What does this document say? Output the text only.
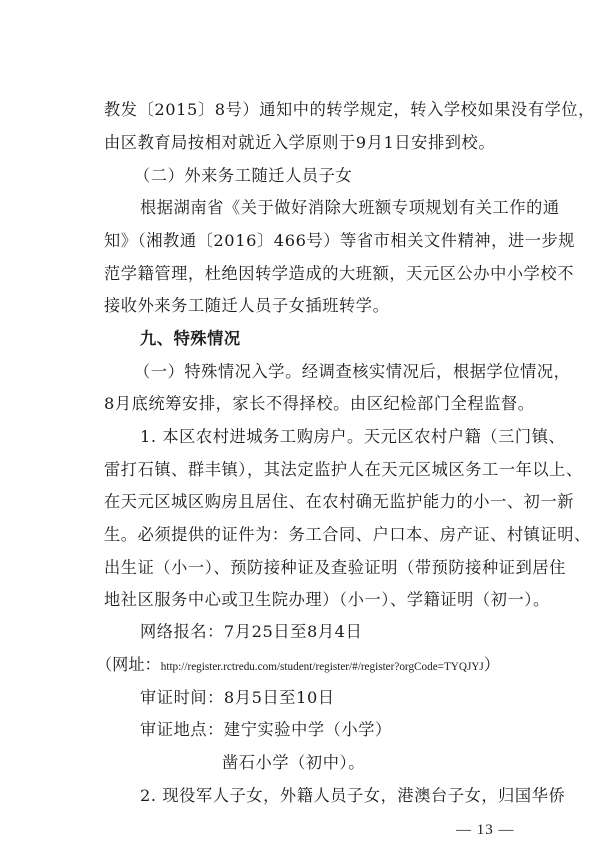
教发〔2015〕8号）通知中的转学规定，转入学校如果没有学位，
由区教育局按相对就近入学原则于9月1日安排到校。
（二）外来务工随迁人员子女
根据湖南省《关于做好消除大班额专项规划有关工作的通
知》（湘教通〔2016〕466号）等省市相关文件精神，进一步规
范学籍管理，杜绝因转学造成的大班额，天元区公办中小学校不
接收外来务工随迁人员子女插班转学。
九、特殊情况
（一）特殊情况入学。经调查核实情况后，根据学位情况，
8月底统筹安排，家长不得择校。由区纪检部门全程监督。
1. 本区农村进城务工购房户。天元区农村户籍（三门镇、
雷打石镇、群丰镇），其法定监护人在天元区城区务工一年以上、
在天元区城区购房且居住、在农村确无监护能力的小一、初一新
生。必须提供的证件为：务工合同、户口本、房产证、村镇证明、
出生证（小一）、预防接种证及查验证明（带预防接种证到居住
地社区服务中心或卫生院办理）（小一）、学籍证明（初一）。
网络报名：7月25日至8月4日
（网址：http://register.rctredu.com/student/register/#/register?orgCode=TYQJYJ）
审证时间：8月5日至10日
审证地点：建宁实验中学（小学）
凿石小学（初中）。
2. 现役军人子女，外籍人员子女，港澳台子女，归国华侨
— 13 —
